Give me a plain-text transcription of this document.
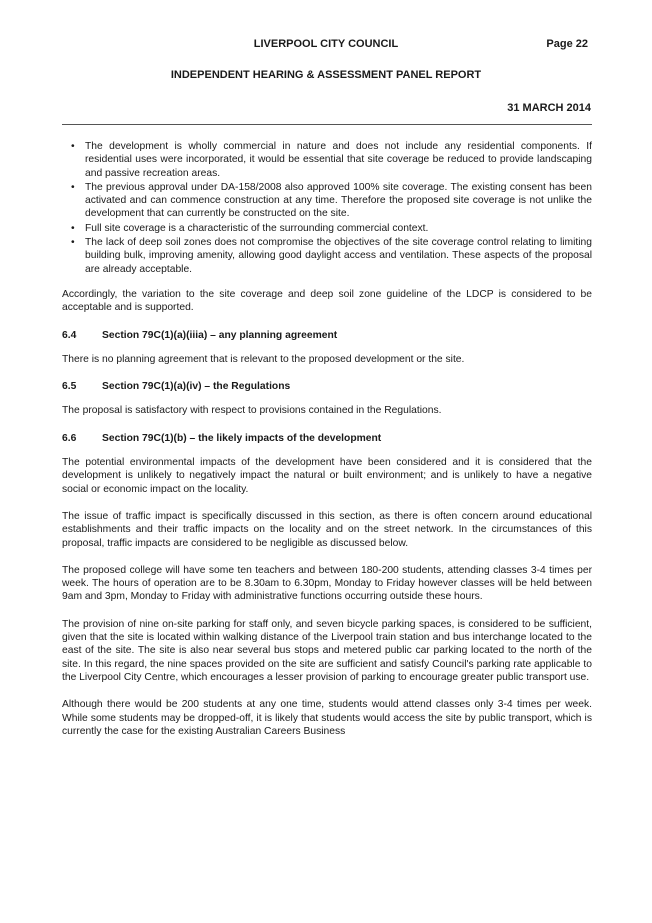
LIVERPOOL CITY COUNCIL	Page 22
INDEPENDENT HEARING & ASSESSMENT PANEL REPORT
31 MARCH 2014
• The development is wholly commercial in nature and does not include any residential components. If residential uses were incorporated, it would be essential that site coverage be reduced to provide landscaping and passive recreation areas.
• The previous approval under DA-158/2008 also approved 100% site coverage. The existing consent has been activated and can commence construction at any time. Therefore the proposed site coverage is not unlike the development that can currently be constructed on the site.
• Full site coverage is a characteristic of the surrounding commercial context.
• The lack of deep soil zones does not compromise the objectives of the site coverage control relating to limiting building bulk, improving amenity, allowing good daylight access and ventilation. These aspects of the proposal are already acceptable.

Accordingly, the variation to the site coverage and deep soil zone guideline of the LDCP is considered to be acceptable and is supported.

6.4	Section 79C(1)(a)(iiia) – any planning agreement

There is no planning agreement that is relevant to the proposed development or the site.

6.5	Section 79C(1)(a)(iv) – the Regulations

The proposal is satisfactory with respect to provisions contained in the Regulations.

6.6	Section 79C(1)(b) – the likely impacts of the development

The potential environmental impacts of the development have been considered and it is considered that the development is unlikely to negatively impact the natural or built environment; and is unlikely to have a negative social or economic impact on the locality.

The issue of traffic impact is specifically discussed in this section, as there is often concern around educational establishments and their traffic impacts on the locality and on the street network. In the circumstances of this proposal, traffic impacts are considered to be negligible as discussed below.

The proposed college will have some ten teachers and between 180-200 students, attending classes 3-4 times per week. The hours of operation are to be 8.30am to 6.30pm, Monday to Friday however classes will be held between 9am and 3pm, Monday to Friday with administrative functions occurring outside these hours.

The provision of nine on-site parking for staff only, and seven bicycle parking spaces, is considered to be sufficient, given that the site is located within walking distance of the Liverpool train station and bus interchange located to the east of the site. The site is also near several bus stops and metered public car parking located to the north of the site. In this regard, the nine spaces provided on the site are sufficient and satisfy Council's parking rate applicable to the Liverpool City Centre, which encourages a lesser provision of parking to encourage greater public transport use.

Although there would be 200 students at any one time, students would attend classes only 3-4 times per week. While some students may be dropped-off, it is likely that students would access the site by public transport, which is currently the case for the existing Australian Careers Business
